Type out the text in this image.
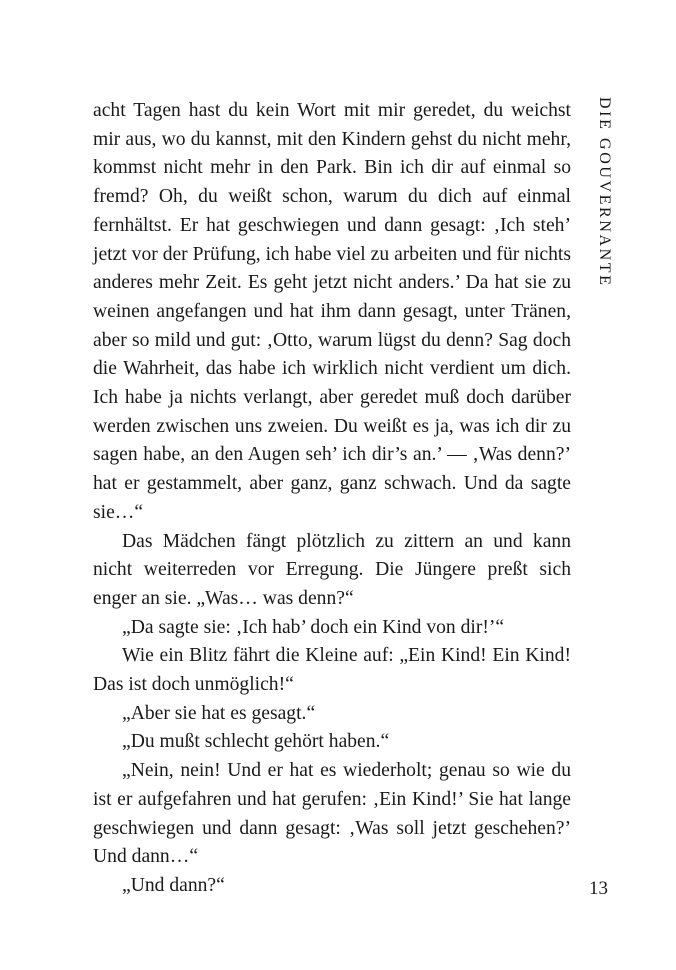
acht Tagen hast du kein Wort mit mir geredet, du weichst mir aus, wo du kannst, mit den Kindern gehst du nicht mehr, kommst nicht mehr in den Park. Bin ich dir auf einmal so fremd? Oh, du weißt schon, warum du dich auf einmal fernhältst. Er hat geschwiegen und dann gesagt: ‚Ich steh’ jetzt vor der Prüfung, ich habe viel zu arbeiten und für nichts anderes mehr Zeit. Es geht jetzt nicht anders.’ Da hat sie zu weinen angefangen und hat ihm dann gesagt, unter Tränen, aber so mild und gut: ‚Otto, warum lügst du denn? Sag doch die Wahrheit, das habe ich wirklich nicht verdient um dich. Ich habe ja nichts verlangt, aber geredet muß doch darüber werden zwischen uns zweien. Du weißt es ja, was ich dir zu sagen habe, an den Augen seh’ ich dir’s an.’ — ‚Was denn?’ hat er gestammelt, aber ganz, ganz schwach. Und da sagte sie…“

Das Mädchen fängt plötzlich zu zittern an und kann nicht weiterreden vor Erregung. Die Jüngere preßt sich enger an sie. „Was… was denn?“

„Da sagte sie: ‚Ich hab’ doch ein Kind von dir!’“

Wie ein Blitz fährt die Kleine auf: „Ein Kind! Ein Kind! Das ist doch unmöglich!“

„Aber sie hat es gesagt.“

„Du mußt schlecht gehört haben.“

„Nein, nein! Und er hat es wiederholt; genau so wie du ist er aufgefahren und hat gerufen: ‚Ein Kind!’ Sie hat lange geschwiegen und dann gesagt: ‚Was soll jetzt geschehen?’ Und dann…“

„Und dann?“

DIE GOUVERNANTE
13
